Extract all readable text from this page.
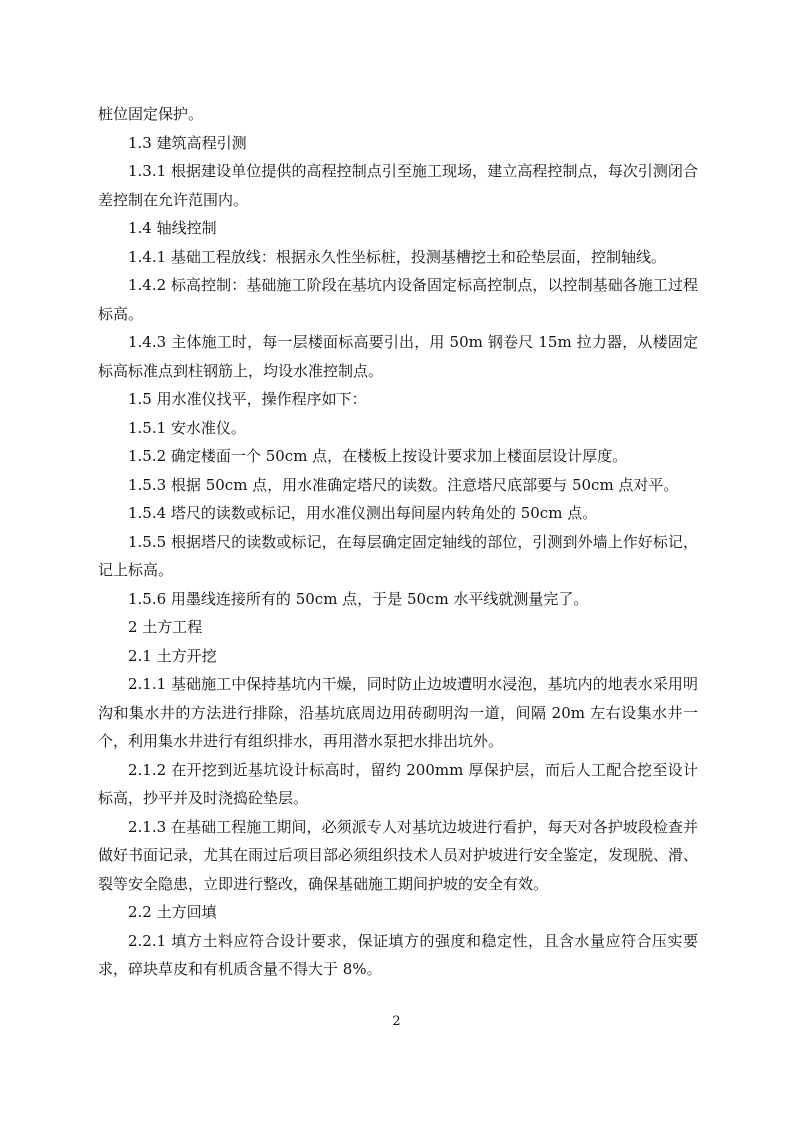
桩位固定保护。

1.3 建筑高程引测

1.3.1 根据建设单位提供的高程控制点引至施工现场，建立高程控制点，每次引测闭合差控制在允许范围内。

1.4 轴线控制

1.4.1 基础工程放线：根据永久性坐标桩，投测基槽挖土和砼垫层面，控制轴线。

1.4.2 标高控制：基础施工阶段在基坑内设备固定标高控制点，以控制基础各施工过程标高。

1.4.3 主体施工时，每一层楼面标高要引出，用 50m 钢卷尺 15m 拉力器，从楼固定标高标准点到柱钢筋上，均设水准控制点。

1.5 用水准仪找平，操作程序如下：

1.5.1 安水准仪。

1.5.2 确定楼面一个 50cm 点，在楼板上按设计要求加上楼面层设计厚度。

1.5.3 根据 50cm 点，用水准确定塔尺的读数。注意塔尺底部要与 50cm 点对平。

1.5.4 塔尺的读数或标记，用水准仪测出每间屋内转角处的 50cm 点。

1.5.5 根据塔尺的读数或标记，在每层确定固定轴线的部位，引测到外墙上作好标记，记上标高。

1.5.6 用墨线连接所有的 50cm 点，于是 50cm 水平线就测量完了。

2 土方工程

2.1 土方开挖

2.1.1 基础施工中保持基坑内干燥，同时防止边坡遭明水浸泡，基坑内的地表水采用明沟和集水井的方法进行排除，沿基坑底周边用砖砌明沟一道，间隔 20m 左右设集水井一个，利用集水井进行有组织排水，再用潜水泵把水排出坑外。

2.1.2 在开挖到近基坑设计标高时，留约 200mm 厚保护层，而后人工配合挖至设计标高，抄平并及时浇捣砼垫层。

2.1.3 在基础工程施工期间，必须派专人对基坑边坡进行看护，每天对各护坡段检查并做好书面记录，尤其在雨过后项目部必须组织技术人员对护坡进行安全鉴定，发现脱、滑、裂等安全隐患，立即进行整改，确保基础施工期间护坡的安全有效。

2.2 土方回填

2.2.1 填方土料应符合设计要求，保证填方的强度和稳定性，且含水量应符合压实要求，碎块草皮和有机质含量不得大于 8%。

2
